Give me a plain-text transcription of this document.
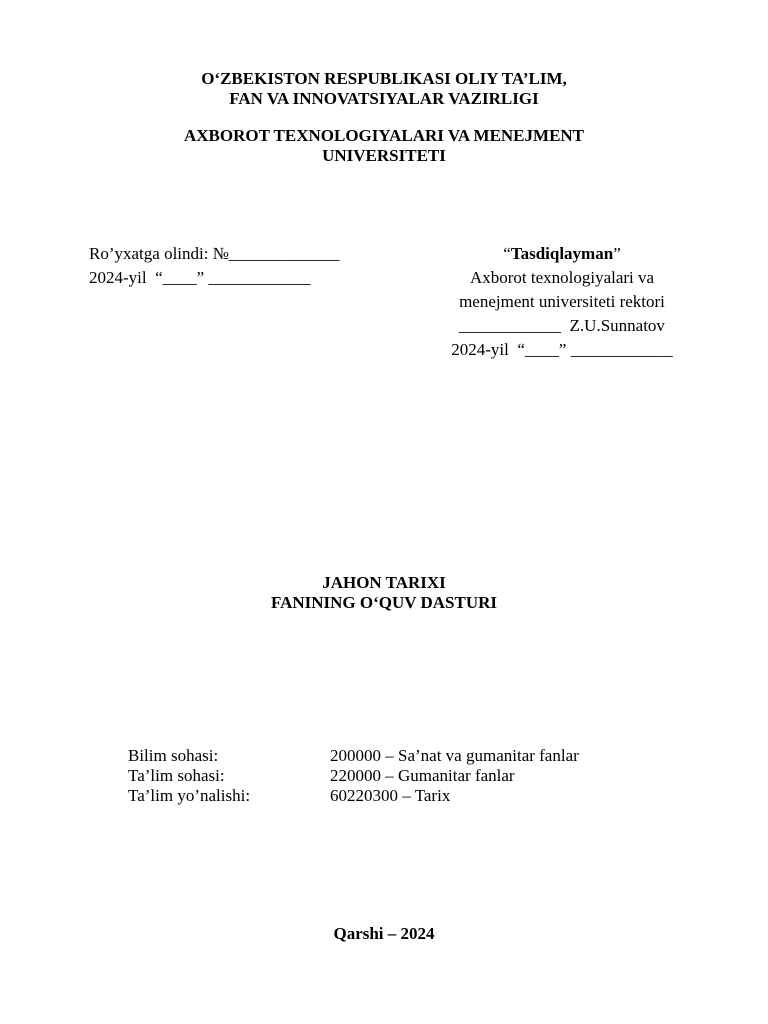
O‘ZBEKISTON RESPUBLIKASI OLIY TA’LIM,
FAN VA INNOVATSIYALAR VAZIRLIGI
AXBOROT TEXNOLOGIYALARI VA MENEJMENT
UNIVERSITETI
Ro’yxatga olindi: №_____________
2024-yil  “____” ____________
“Tasdiqlayman”
Axborot texnologiyalari va
menejment universiteti rektori
____________  Z.U.Sunnatov
2024-yil  “____” ____________
JAHON TARIXI
FANINING O‘QUV DASTURI
Bilim sohasi:	200000 – Sa’nat va gumanitar fanlar
Ta’lim sohasi:	220000 – Gumanitar fanlar
Ta’lim yo’nalishi:	60220300 – Tarix
Qarshi – 2024
